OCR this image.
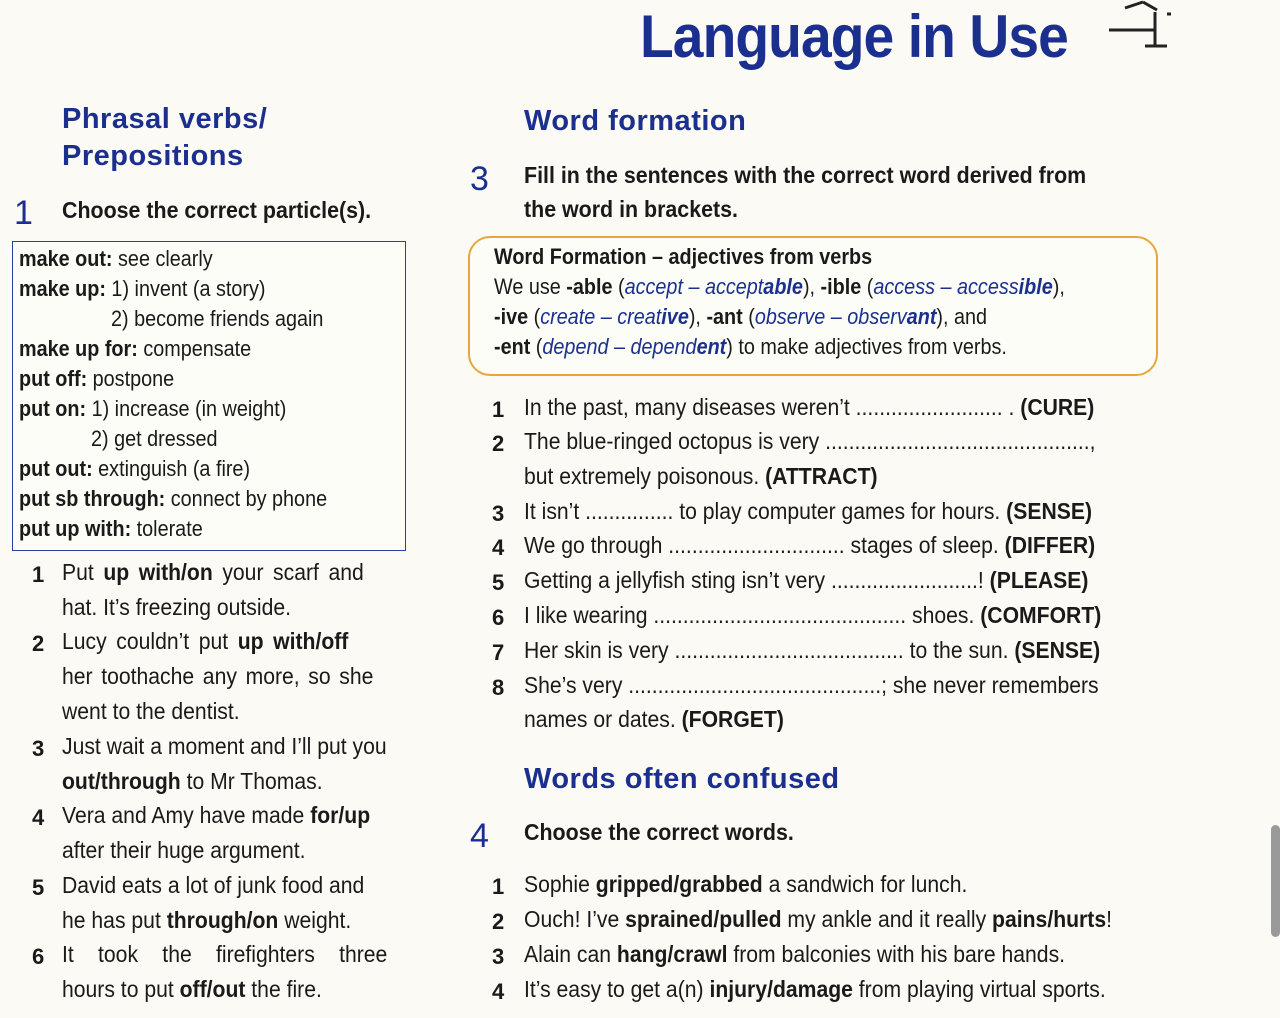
Language in Use
Phrasal verbs/
Prepositions
1 Choose the correct particle(s).
make out: see clearly
make up: 1) invent (a story)
2) become friends again
make up for: compensate
put off: postpone
put on: 1) increase (in weight)
2) get dressed
put out: extinguish (a fire)
put sb through: connect by phone
put up with: tolerate
1 Put up with/on your scarf and
hat. It’s freezing outside.
2 Lucy couldn’t put up with/off
her toothache any more, so she
went to the dentist.
3 Just wait a moment and I’ll put you
out/through to Mr Thomas.
4 Vera and Amy have made for/up
after their huge argument.
5 David eats a lot of junk food and
he has put through/on weight.
6 It took the firefighters three
hours to put off/out the fire.
Word formation
3 Fill in the sentences with the correct word derived from
the word in brackets.
Word Formation – adjectives from verbs
We use -able (accept – acceptable), -ible (access – accessible),
-ive (create – creative), -ant (observe – observant), and
-ent (depend – dependent) to make adjectives from verbs.
1 In the past, many diseases weren’t ......................... . (CURE)
2 The blue-ringed octopus is very .............................................,
but extremely poisonous. (ATTRACT)
3 It isn’t ............... to play computer games for hours. (SENSE)
4 We go through .............................. stages of sleep. (DIFFER)
5 Getting a jellyfish sting isn’t very .........................! (PLEASE)
6 I like wearing ........................................... shoes. (COMFORT)
7 Her skin is very ....................................... to the sun. (SENSE)
8 She’s very ...........................................; she never remembers
names or dates. (FORGET)
Words often confused
4 Choose the correct words.
1 Sophie gripped/grabbed a sandwich for lunch.
2 Ouch! I’ve sprained/pulled my ankle and it really pains/hurts!
3 Alain can hang/crawl from balconies with his bare hands.
4 It’s easy to get a(n) injury/damage from playing virtual sports.
